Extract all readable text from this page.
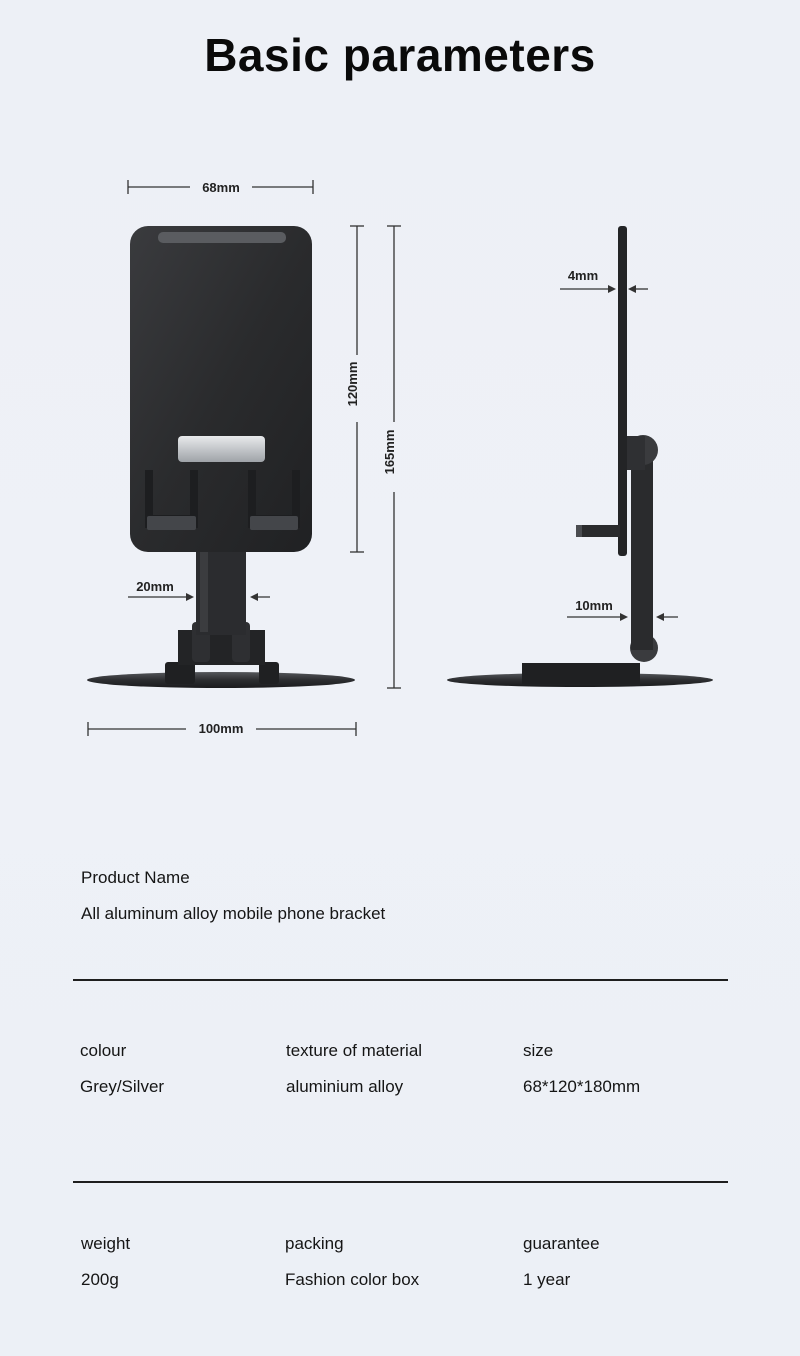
Basic parameters
68mm
120mm
165mm
20mm
100mm
4mm
10mm
Product Name
All aluminum alloy mobile phone bracket
colour
Grey/Silver
texture of material
aluminium alloy
size
68*120*180mm
weight
200g
packing
Fashion color box
guarantee
1 year
